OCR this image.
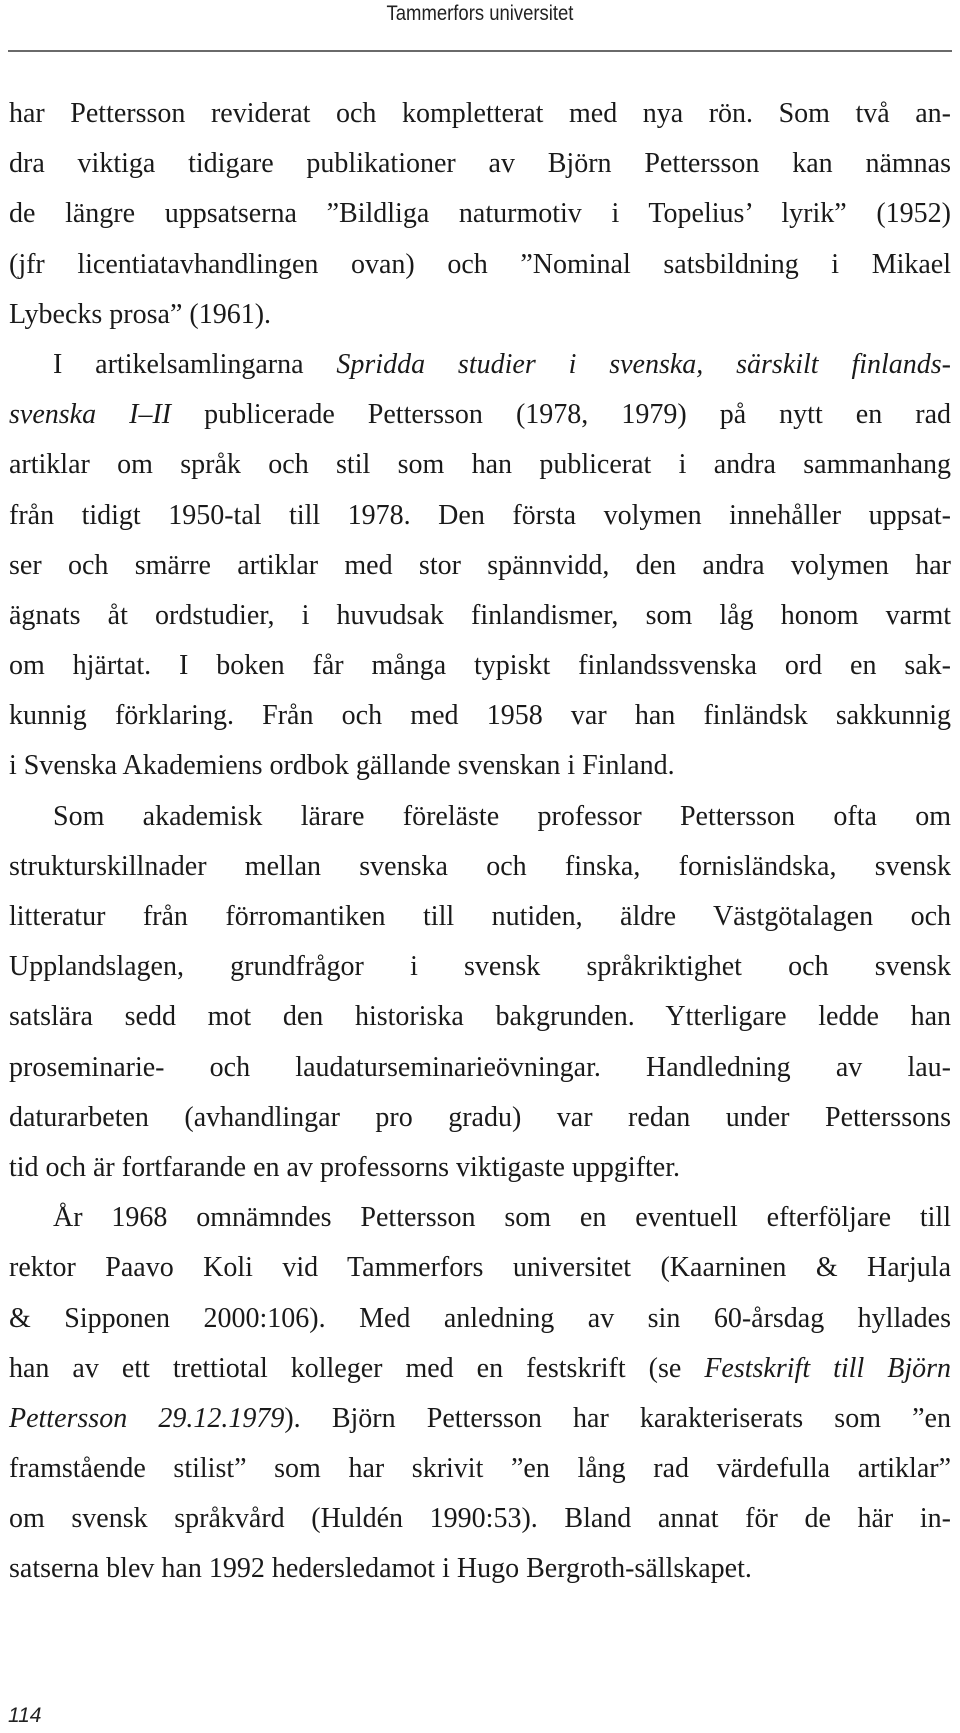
Tammerfors universitet
har Pettersson reviderat och kompletterat med nya rön. Som två an-
dra viktiga tidigare publikationer av Björn Pettersson kan nämnas
de längre uppsatserna ”Bildliga naturmotiv i Topelius’ lyrik” (1952)
(jfr licentiatavhandlingen ovan) och ”Nominal satsbildning i Mikael
Lybecks prosa” (1961).
I artikelsamlingarna Spridda studier i svenska, särskilt finlands-
svenska I–II publicerade Pettersson (1978, 1979) på nytt en rad
artiklar om språk och stil som han publicerat i andra sammanhang
från tidigt 1950-tal till 1978. Den första volymen innehåller uppsat-
ser och smärre artiklar med stor spännvidd, den andra volymen har
ägnats åt ordstudier, i huvudsak finlandismer, som låg honom varmt
om hjärtat. I boken får många typiskt finlandssvenska ord en sak-
kunnig förklaring. Från och med 1958 var han finländsk sakkunnig
i Svenska Akademiens ordbok gällande svenskan i Finland.
Som akademisk lärare föreläste professor Pettersson ofta om
strukturskillnader mellan svenska och finska, fornisländska, svensk
litteratur från förromantiken till nutiden, äldre Västgötalagen och
Upplandslagen, grundfrågor i svensk språkriktighet och svensk
satslära sedd mot den historiska bakgrunden. Ytterligare ledde han
proseminarie- och laudaturseminarieövningar. Handledning av lau-
daturarbeten (avhandlingar pro gradu) var redan under Petterssons
tid och är fortfarande en av professorns viktigaste uppgifter.
År 1968 omnämndes Pettersson som en eventuell efterföljare till
rektor Paavo Koli vid Tammerfors universitet (Kaarninen & Harjula
& Sipponen 2000:106). Med anledning av sin 60-årsdag hyllades
han av ett trettiotal kolleger med en festskrift (se Festskrift till Björn
Pettersson 29.12.1979). Björn Pettersson har karakteriserats som ”en
framstående stilist” som har skrivit ”en lång rad värdefulla artiklar”
om svensk språkvård (Huldén 1990:53). Bland annat för de här in-
satserna blev han 1992 hedersledamot i Hugo Bergroth-sällskapet.
114
